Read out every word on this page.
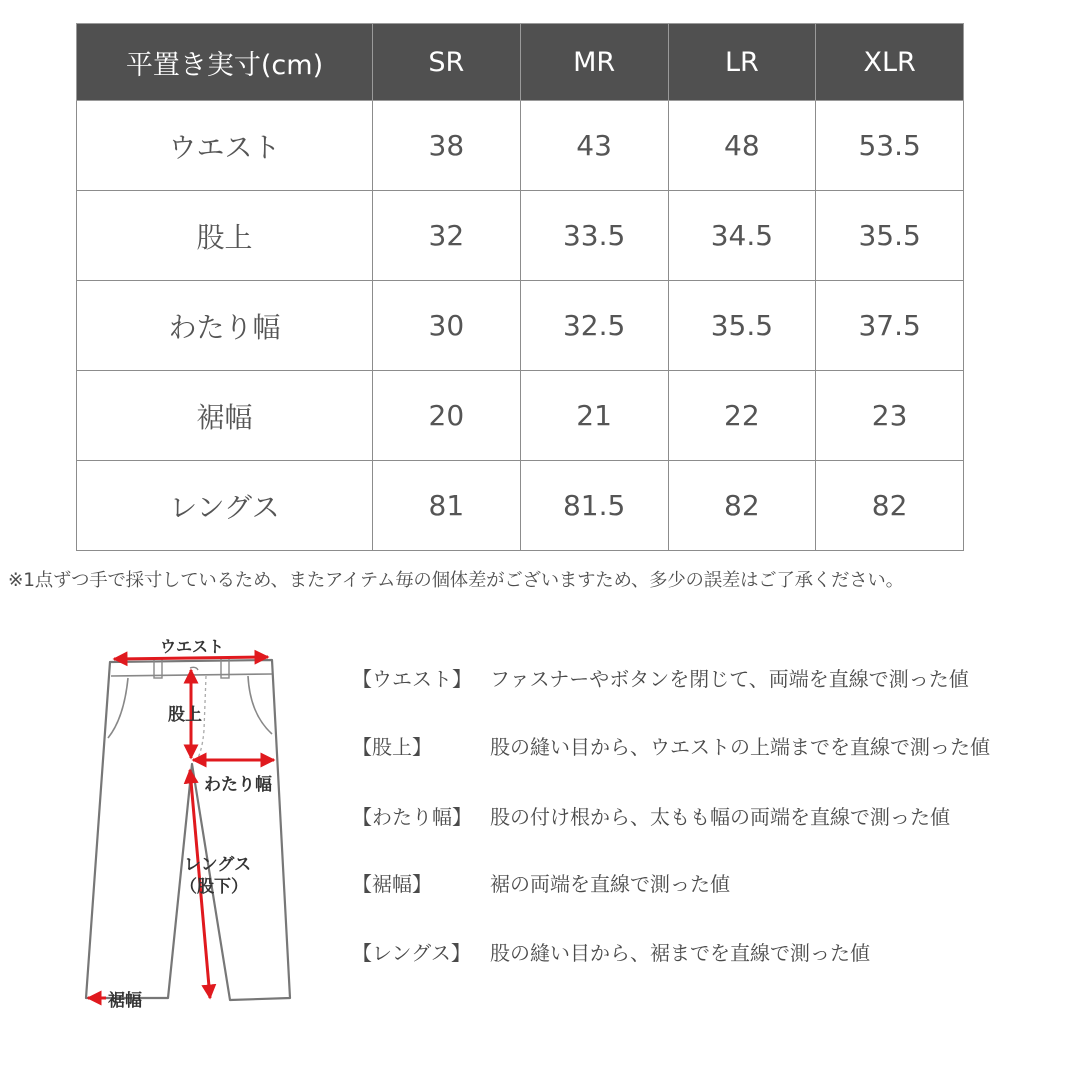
平置き実寸(cm)	SR	MR	LR	XLR
ウエスト	38	43	48	53.5
股上	32	33.5	34.5	35.5
わたり幅	30	32.5	35.5	37.5
裾幅	20	21	22	23
レングス	81	81.5	82	82
※1点ずつ手で採寸しているため、またアイテム毎の個体差がございますため、多少の誤差はご了承ください。
ウエスト
股上
わたり幅
レングス
（股下）
裾幅
【ウエスト】 ファスナーやボタンを閉じて、両端を直線で測った値
【股上】	股の縫い目から、ウエストの上端までを直線で測った値
【わたり幅】 股の付け根から、太もも幅の両端を直線で測った値
【裾幅】	裾の両端を直線で測った値
【レングス】 股の縫い目から、裾までを直線で測った値
